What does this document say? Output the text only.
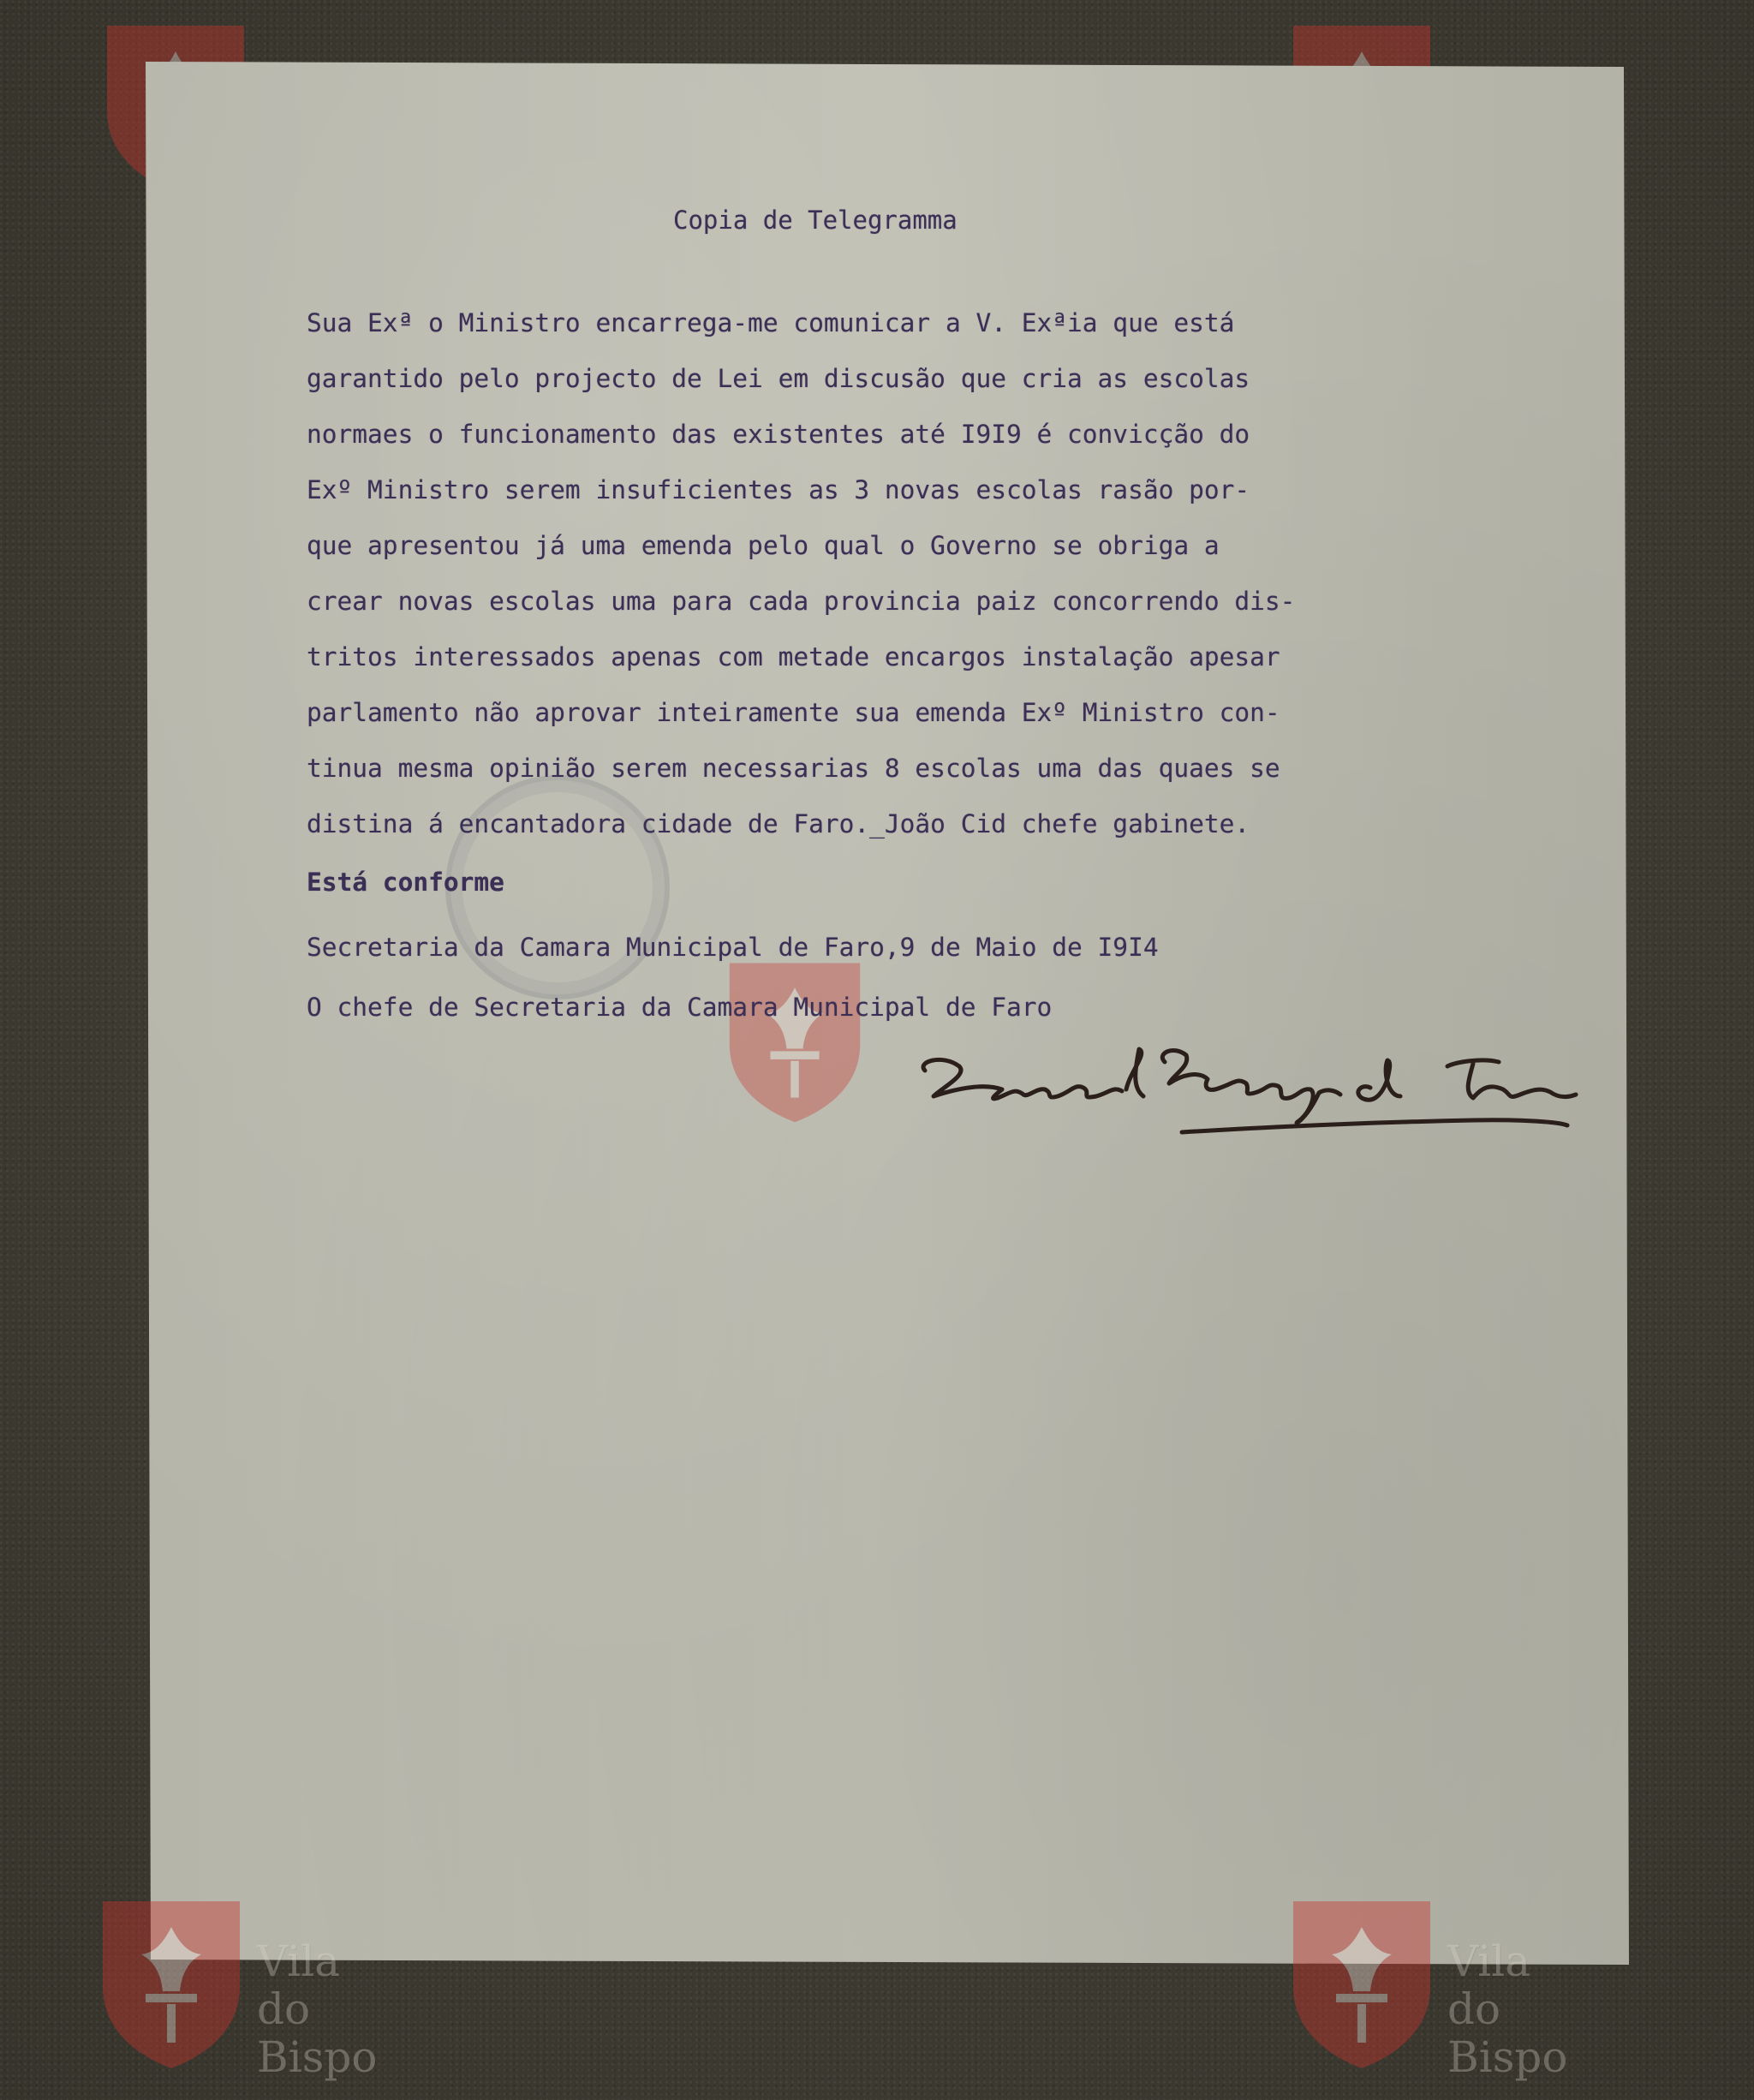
Copia de Telegramma
Sua Exª o Ministro encarrega-me comunicar a V. Exªia que está
garantido pelo projecto de Lei em discusão que cria as escolas
normaes o funcionamento das existentes até I9I9 é convicção do
Exº Ministro serem insuficientes as 3 novas escolas rasão por-
que apresentou já uma emenda pelo qual o Governo se obriga a
crear novas escolas uma para cada provincia paiz concorrendo dis-
tritos interessados apenas com metade encargos instalação apesar
parlamento não aprovar inteiramente sua emenda Exº Ministro con-
tinua mesma opinião serem necessarias 8 escolas uma das quaes se
distina á encantadora cidade de Faro._João Cid chefe gabinete.
Está conforme
Secretaria da Camara Municipal de Faro,9 de Maio de I9I4
O chefe de Secretaria da Camara Municipal de Faro
Vila do
Bispo
Vila do
Bispo
